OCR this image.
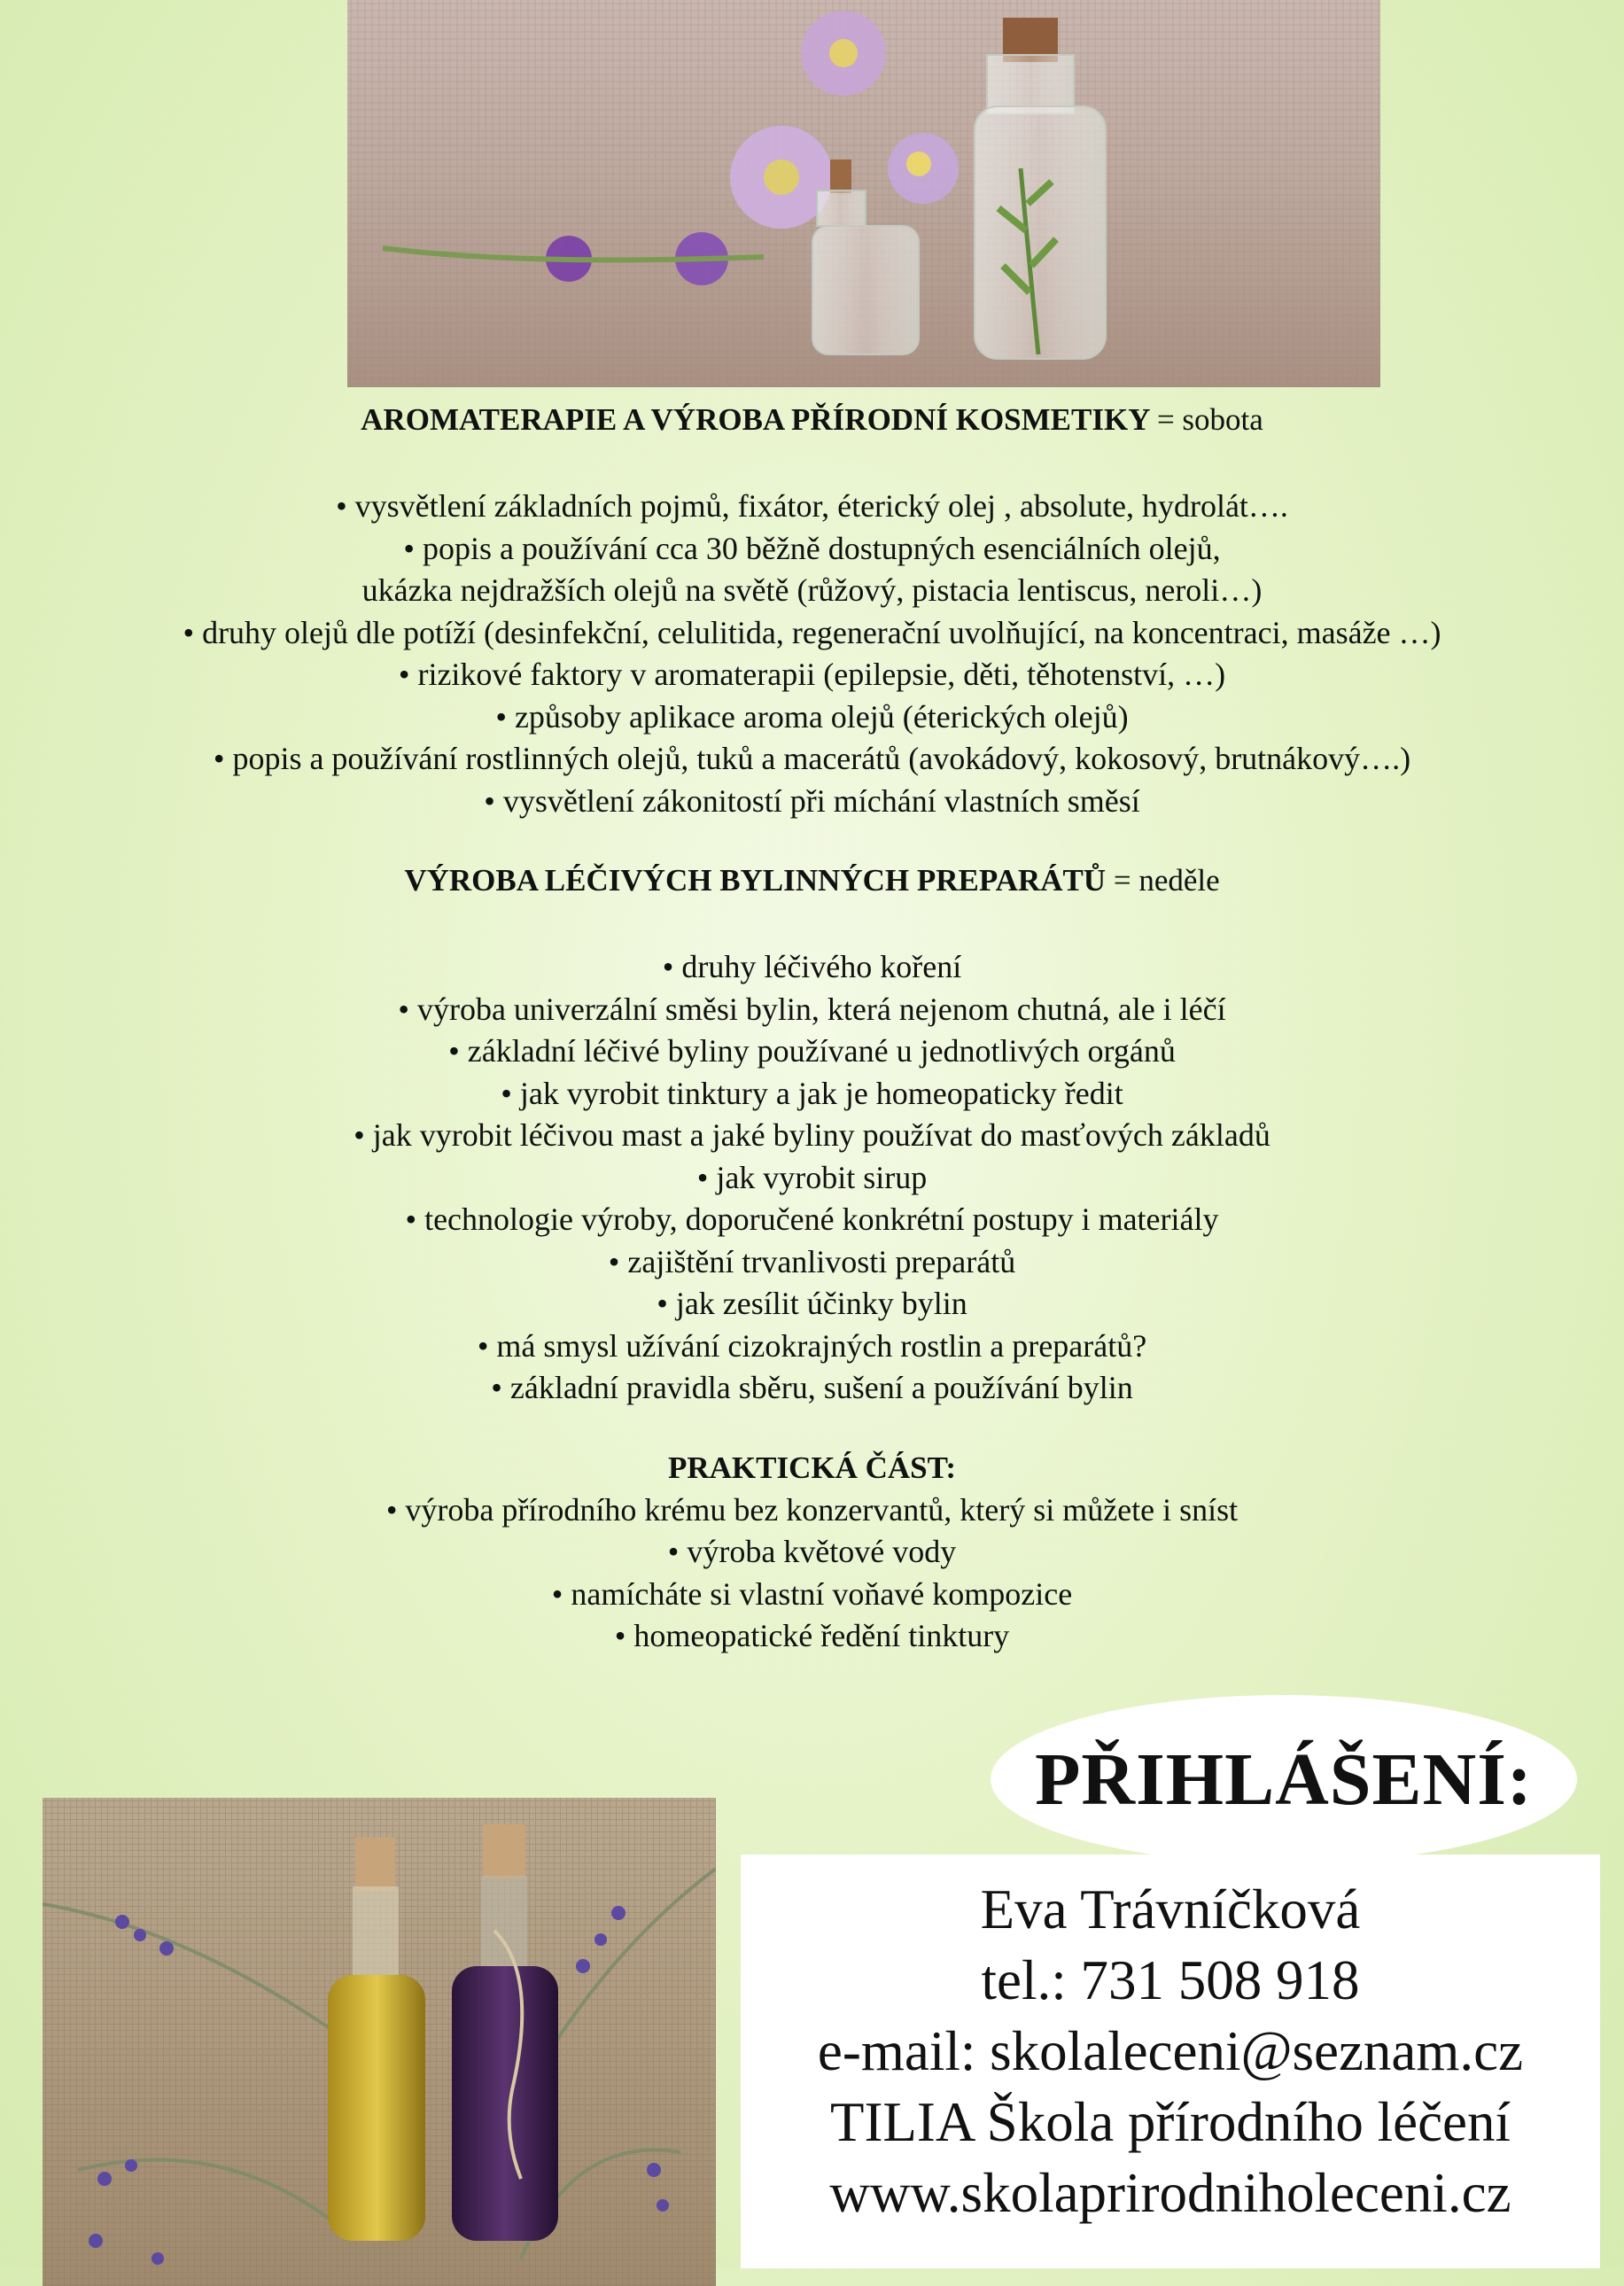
AROMATERAPIE A VÝROBA PŘÍRODNÍ KOSMETIKY = sobota

• vysvětlení základních pojmů, fixátor, éterický olej , absolute, hydrolát….
• popis a používání cca 30 běžně dostupných esenciálních olejů,
ukázka nejdražších olejů na světě (růžový, pistacia lentiscus, neroli…)
• druhy olejů dle potíží (desinfekční, celulitida, regenerační uvolňující, na koncentraci, masáže …)
• rizikové faktory v aromaterapii (epilepsie, děti, těhotenství, …)
• způsoby aplikace aroma olejů (éterických olejů)
• popis a používání rostlinných olejů, tuků a macerátů (avokádový, kokosový, brutnákový….)
• vysvětlení zákonitostí při míchání vlastních směsí

VÝROBA LÉČIVÝCH BYLINNÝCH PREPARÁTŮ = neděle

• druhy léčivého koření
• výroba univerzální směsi bylin, která nejenom chutná, ale i léčí
• základní léčivé byliny používané u jednotlivých orgánů
• jak vyrobit tinktury a jak je homeopaticky ředit
• jak vyrobit léčivou mast a jaké byliny používat do masťových základů
• jak vyrobit sirup
• technologie výroby, doporučené konkrétní postupy i materiály
• zajištění trvanlivosti preparátů
• jak zesílit účinky bylin
• má smysl užívání cizokrajných rostlin a preparátů?
• základní pravidla sběru, sušení a používání bylin

PRAKTICKÁ ČÁST:

• výroba přírodního krému bez konzervantů, který si můžete i sníst
• výroba květové vody
• namícháte si vlastní voňavé kompozice
• homeopatické ředění tinktury
PŘIHLÁŠENÍ:
Eva Trávníčková
tel.: 731 508 918
e-mail: skolaleceni@seznam.cz
TILIA Škola přírodního léčení
www.skolaprirodniholeceni.cz
